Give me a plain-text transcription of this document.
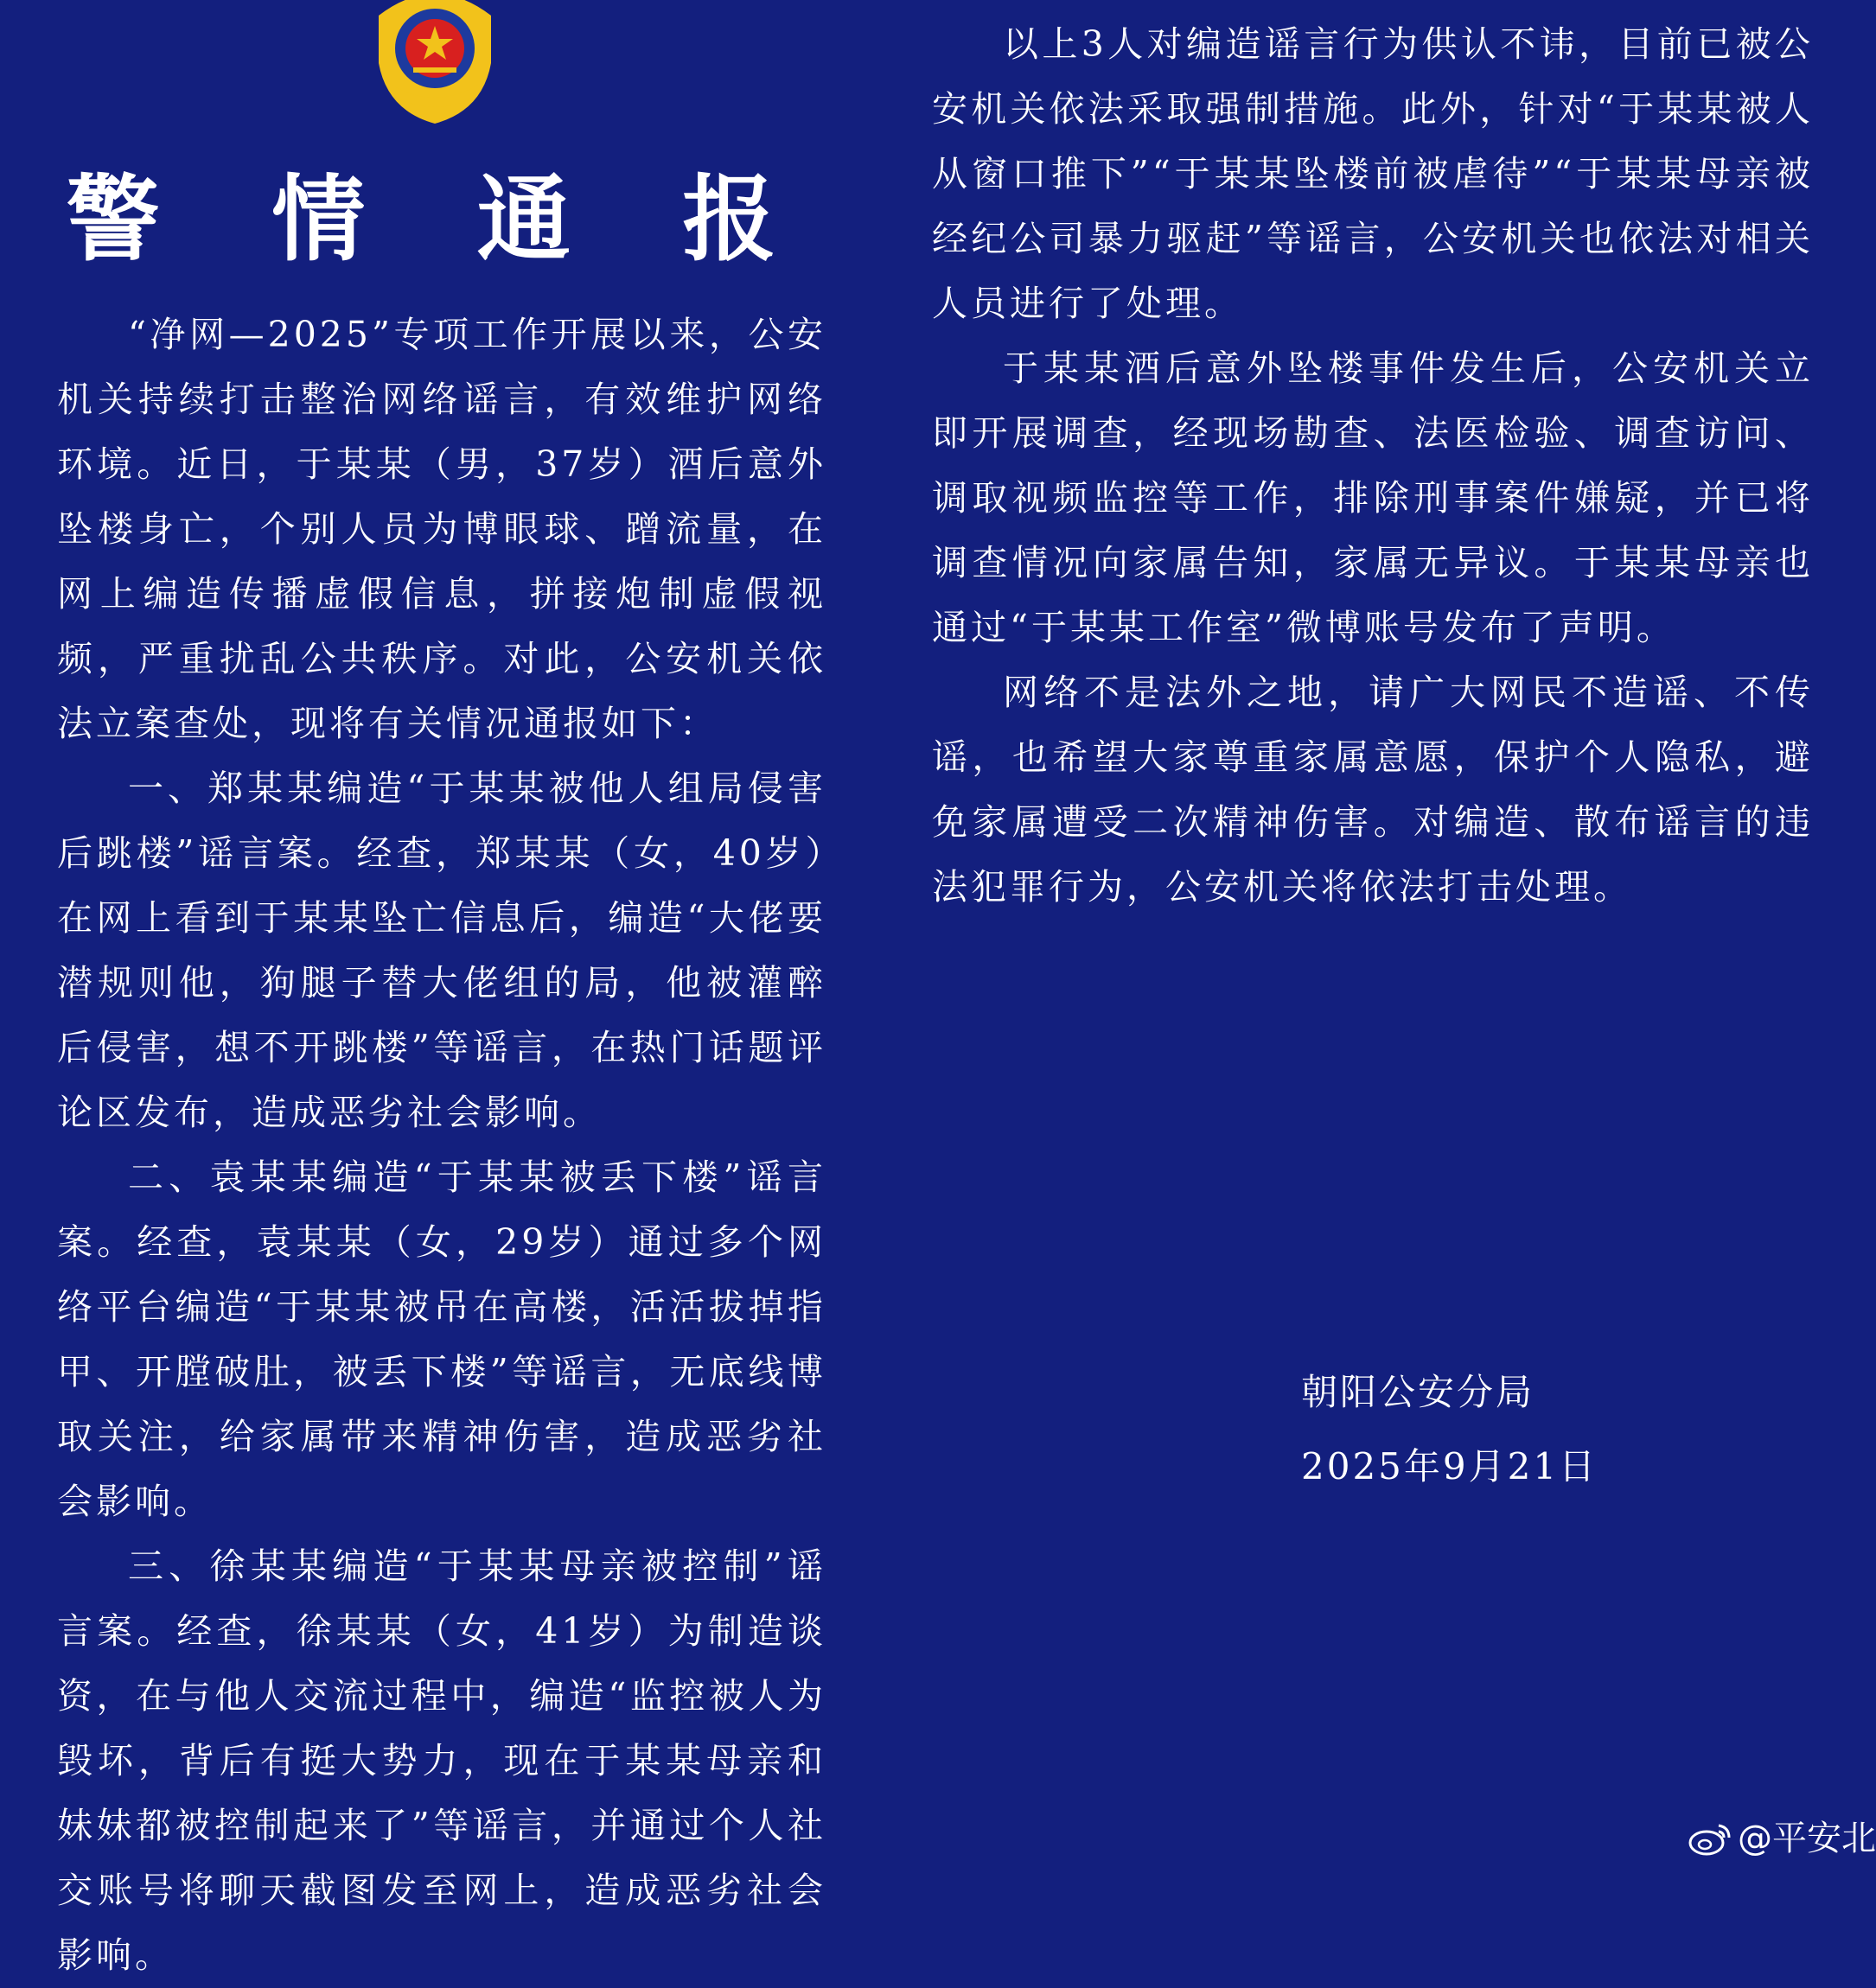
警 情 通 报

“净网—2025”专项工作开展以来，公安机关持续打击整治网络谣言，有效维护网络环境。近日，于某某（男，37岁）酒后意外坠楼身亡，个别人员为博眼球、蹭流量，在网上编造传播虚假信息，拼接炮制虚假视频，严重扰乱公共秩序。对此，公安机关依法立案查处，现将有关情况通报如下：

一、郑某某编造“于某某被他人组局侵害后跳楼”谣言案。经查，郑某某（女，40岁）在网上看到于某某坠亡信息后，编造“大佬要潜规则他，狗腿子替大佬组的局，他被灌醉后侵害，想不开跳楼”等谣言，在热门话题评论区发布，造成恶劣社会影响。

二、袁某某编造“于某某被丢下楼”谣言案。经查，袁某某（女，29岁）通过多个网络平台编造“于某某被吊在高楼，活活拔掉指甲、开膛破肚，被丢下楼”等谣言，无底线博取关注，给家属带来精神伤害，造成恶劣社会影响。

三、徐某某编造“于某某母亲被控制”谣言案。经查，徐某某（女，41岁）为制造谈资，在与他人交流过程中，编造“监控被人为毁坏，背后有挺大势力，现在于某某母亲和妹妹都被控制起来了”等谣言，并通过个人社交账号将聊天截图发至网上，造成恶劣社会影响。

以上3人对编造谣言行为供认不讳，目前已被公安机关依法采取强制措施。此外，针对“于某某被人从窗口推下”“于某某坠楼前被虐待”“于某某母亲被经纪公司暴力驱赶”等谣言，公安机关也依法对相关人员进行了处理。

于某某酒后意外坠楼事件发生后，公安机关立即开展调查，经现场勘查、法医检验、调查访问、调取视频监控等工作，排除刑事案件嫌疑，并已将调查情况向家属告知，家属无异议。于某某母亲也通过“于某某工作室”微博账号发布了声明。

网络不是法外之地，请广大网民不造谣、不传谣，也希望大家尊重家属意愿，保护个人隐私，避免家属遭受二次精神伤害。对编造、散布谣言的违法犯罪行为，公安机关将依法打击处理。

朝阳公安分局
2025年9月21日
@平安北
